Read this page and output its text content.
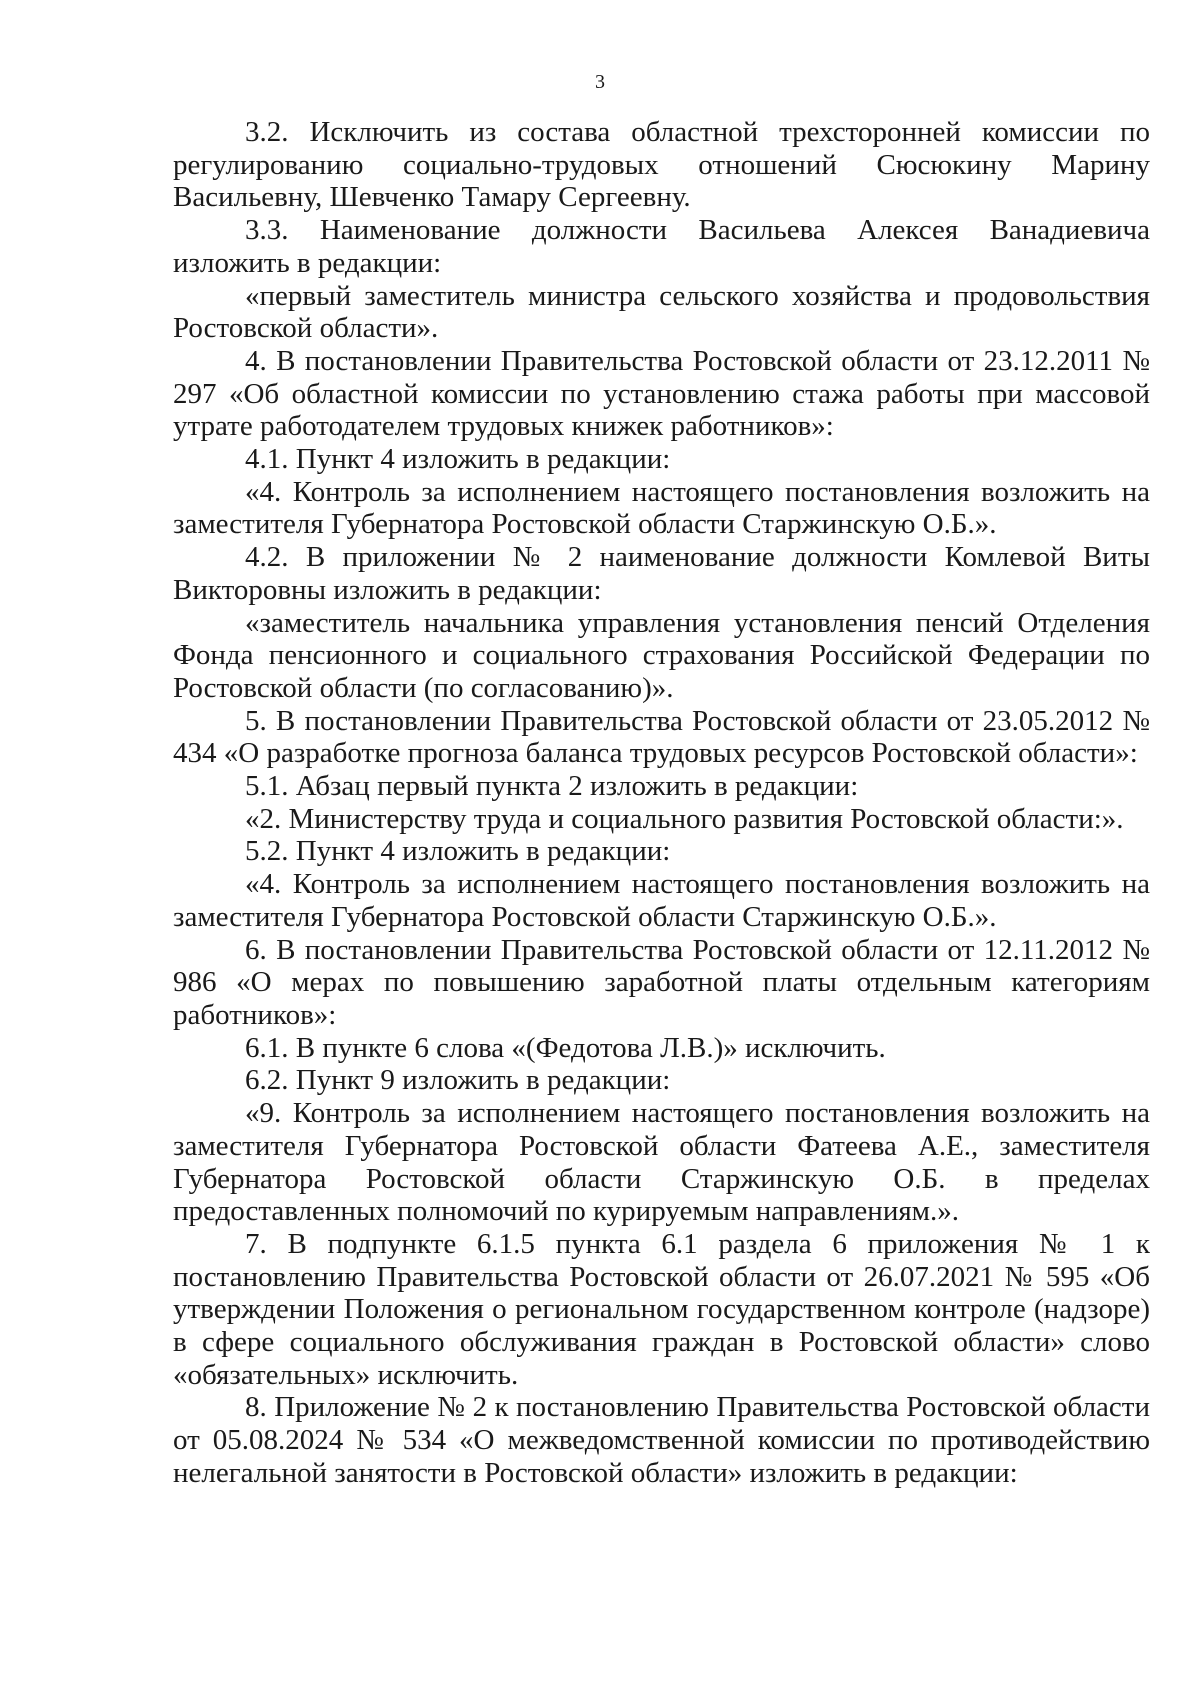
3

3.2. Исключить из состава областной трехсторонней комиссии по регулированию социально-трудовых отношений Сюсюкину Марину Васильевну, Шевченко Тамару Сергеевну.

3.3. Наименование должности Васильева Алексея Ванадиевича изложить в редакции:

«первый заместитель министра сельского хозяйства и продовольствия Ростовской области».

4. В постановлении Правительства Ростовской области от 23.12.2011 № 297 «Об областной комиссии по установлению стажа работы при массовой утрате работодателем трудовых книжек работников»:

4.1. Пункт 4 изложить в редакции:

«4. Контроль за исполнением настоящего постановления возложить на заместителя Губернатора Ростовской области Старжинскую О.Б.».

4.2. В приложении № 2 наименование должности Комлевой Виты Викторовны изложить в редакции:

«заместитель начальника управления установления пенсий Отделения Фонда пенсионного и социального страхования Российской Федерации по Ростовской области (по согласованию)».

5. В постановлении Правительства Ростовской области от 23.05.2012 № 434 «О разработке прогноза баланса трудовых ресурсов Ростовской области»:

5.1. Абзац первый пункта 2 изложить в редакции:

«2. Министерству труда и социального развития Ростовской области:».

5.2. Пункт 4 изложить в редакции:

«4. Контроль за исполнением настоящего постановления возложить на заместителя Губернатора Ростовской области Старжинскую О.Б.».

6. В постановлении Правительства Ростовской области от 12.11.2012 № 986 «О мерах по повышению заработной платы отдельным категориям работников»:

6.1. В пункте 6 слова «(Федотова Л.В.)» исключить.

6.2. Пункт 9 изложить в редакции:

«9. Контроль за исполнением настоящего постановления возложить на заместителя Губернатора Ростовской области Фатеева А.Е., заместителя Губернатора Ростовской области Старжинскую О.Б. в пределах предоставленных полномочий по курируемым направлениям.».

7. В подпункте 6.1.5 пункта 6.1 раздела 6 приложения № 1 к постановлению Правительства Ростовской области от 26.07.2021 № 595 «Об утверждении Положения о региональном государственном контроле (надзоре) в сфере социального обслуживания граждан в Ростовской области» слово «обязательных» исключить.

8. Приложение № 2 к постановлению Правительства Ростовской области от 05.08.2024 № 534 «О межведомственной комиссии по противодействию нелегальной занятости в Ростовской области» изложить в редакции:
